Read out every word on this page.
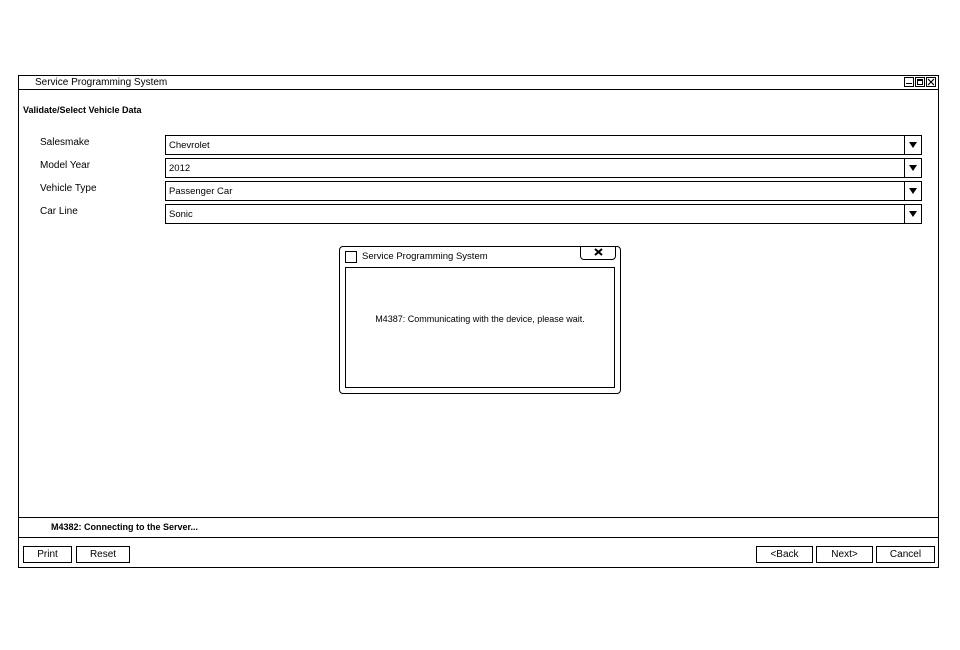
Service Programming System
Validate/Select Vehicle Data
Salesmake	Chevrolet
Model Year	2012
Vehicle Type	Passenger Car
Car Line	Sonic
Service Programming System
M4387: Communicating with the device, please wait.
M4382: Connecting to the Server...
Print	Reset	<Back	Next>	Cancel
